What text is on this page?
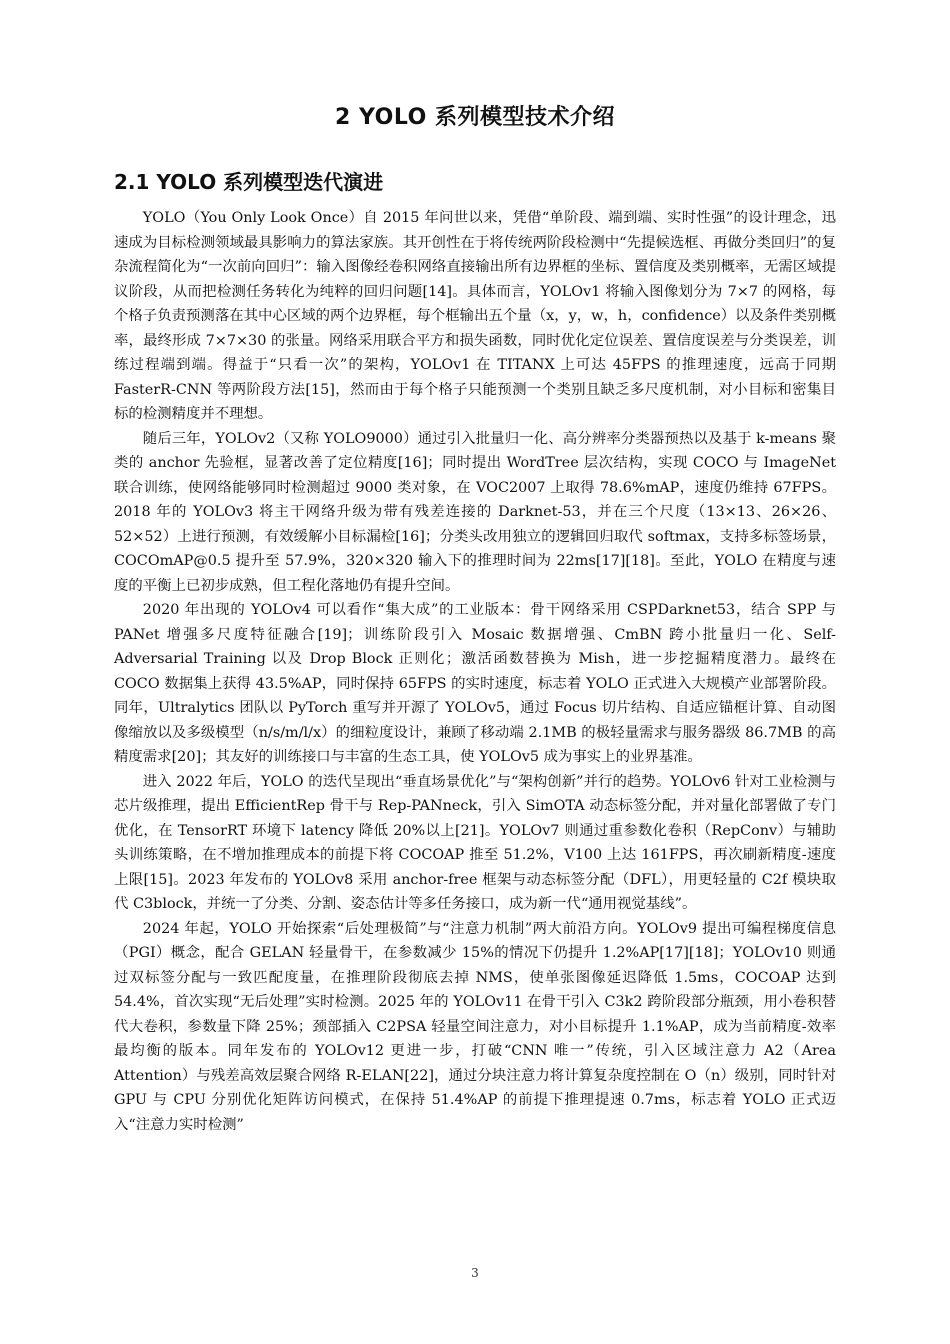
2 YOLO 系列模型技术介绍
2.1 YOLO 系列模型迭代演进

YOLO（You Only Look Once）自 2015 年问世以来，凭借“单阶段、端到端、实时性强”的设计理念，迅速成为目标检测领域最具影响力的算法家族。其开创性在于将传统两阶段检测中“先提候选框、再做分类回归”的复杂流程简化为“一次前向回归”：输入图像经卷积网络直接输出所有边界框的坐标、置信度及类别概率，无需区域提议阶段，从而把检测任务转化为纯粹的回归问题[14]。具体而言，YOLOv1 将输入图像划分为 7×7 的网格，每个格子负责预测落在其中心区域的两个边界框，每个框输出五个量（x，y，w，h，confidence）以及条件类别概率，最终形成 7×7×30 的张量。网络采用联合平方和损失函数，同时优化定位误差、置信度误差与分类误差，训练过程端到端。得益于“只看一次”的架构，YOLOv1 在 TITANX 上可达 45FPS 的推理速度，远高于同期 FasterR-CNN 等两阶段方法[15]，然而由于每个格子只能预测一个类别且缺乏多尺度机制，对小目标和密集目标的检测精度并不理想。

随后三年，YOLOv2（又称 YOLO9000）通过引入批量归一化、高分辨率分类器预热以及基于 k-means 聚类的 anchor 先验框，显著改善了定位精度[16]；同时提出 WordTree 层次结构，实现 COCO 与 ImageNet 联合训练，使网络能够同时检测超过 9000 类对象，在 VOC2007 上取得 78.6%mAP，速度仍维持 67FPS。2018 年的 YOLOv3 将主干网络升级为带有残差连接的 Darknet-53，并在三个尺度（13×13、26×26、52×52）上进行预测，有效缓解小目标漏检[16]；分类头改用独立的逻辑回归取代 softmax，支持多标签场景，COCOmAP@0.5 提升至 57.9%，320×320 输入下的推理时间为 22ms[17][18]。至此，YOLO 在精度与速度的平衡上已初步成熟，但工程化落地仍有提升空间。

2020 年出现的 YOLOv4 可以看作“集大成”的工业版本：骨干网络采用 CSPDarknet53，结合 SPP 与 PANet 增强多尺度特征融合[19]；训练阶段引入 Mosaic 数据增强、CmBN 跨小批量归一化、Self-Adversarial Training 以及 Drop Block 正则化；激活函数替换为 Mish，进一步挖掘精度潜力。最终在 COCO 数据集上获得 43.5%AP，同时保持 65FPS 的实时速度，标志着 YOLO 正式进入大规模产业部署阶段。同年，Ultralytics 团队以 PyTorch 重写并开源了 YOLOv5，通过 Focus 切片结构、自适应锚框计算、自动图像缩放以及多级模型（n/s/m/l/x）的细粒度设计，兼顾了移动端 2.1MB 的极轻量需求与服务器级 86.7MB 的高精度需求[20]；其友好的训练接口与丰富的生态工具，使 YOLOv5 成为事实上的业界基准。

进入 2022 年后，YOLO 的迭代呈现出“垂直场景优化”与“架构创新”并行的趋势。YOLOv6 针对工业检测与芯片级推理，提出 EfficientRep 骨干与 Rep-PANneck，引入 SimOTA 动态标签分配，并对量化部署做了专门优化，在 TensorRT 环境下 latency 降低 20%以上[21]。YOLOv7 则通过重参数化卷积（RepConv）与辅助头训练策略，在不增加推理成本的前提下将 COCOAP 推至 51.2%，V100 上达 161FPS，再次刷新精度-速度上限[15]。2023 年发布的 YOLOv8 采用 anchor-free 框架与动态标签分配（DFL），用更轻量的 C2f 模块取代 C3block，并统一了分类、分割、姿态估计等多任务接口，成为新一代“通用视觉基线”。

2024 年起，YOLO 开始探索“后处理极简”与“注意力机制”两大前沿方向。YOLOv9 提出可编程梯度信息（PGI）概念，配合 GELAN 轻量骨干，在参数减少 15%的情况下仍提升 1.2%AP[17][18]；YOLOv10 则通过双标签分配与一致匹配度量，在推理阶段彻底去掉 NMS，使单张图像延迟降低 1.5ms，COCOAP 达到 54.4%，首次实现“无后处理”实时检测。2025 年的 YOLOv11 在骨干引入 C3k2 跨阶段部分瓶颈，用小卷积替代大卷积，参数量下降 25%；颈部插入 C2PSA 轻量空间注意力，对小目标提升 1.1%AP，成为当前精度-效率最均衡的版本。同年发布的 YOLOv12 更进一步，打破“CNN 唯一”传统，引入区域注意力 A2（Area Attention）与残差高效层聚合网络 R-ELAN[22]，通过分块注意力将计算复杂度控制在 O（n）级别，同时针对 GPU 与 CPU 分别优化矩阵访问模式，在保持 51.4%AP 的前提下推理提速 0.7ms，标志着 YOLO 正式迈入“注意力实时检测”

3
